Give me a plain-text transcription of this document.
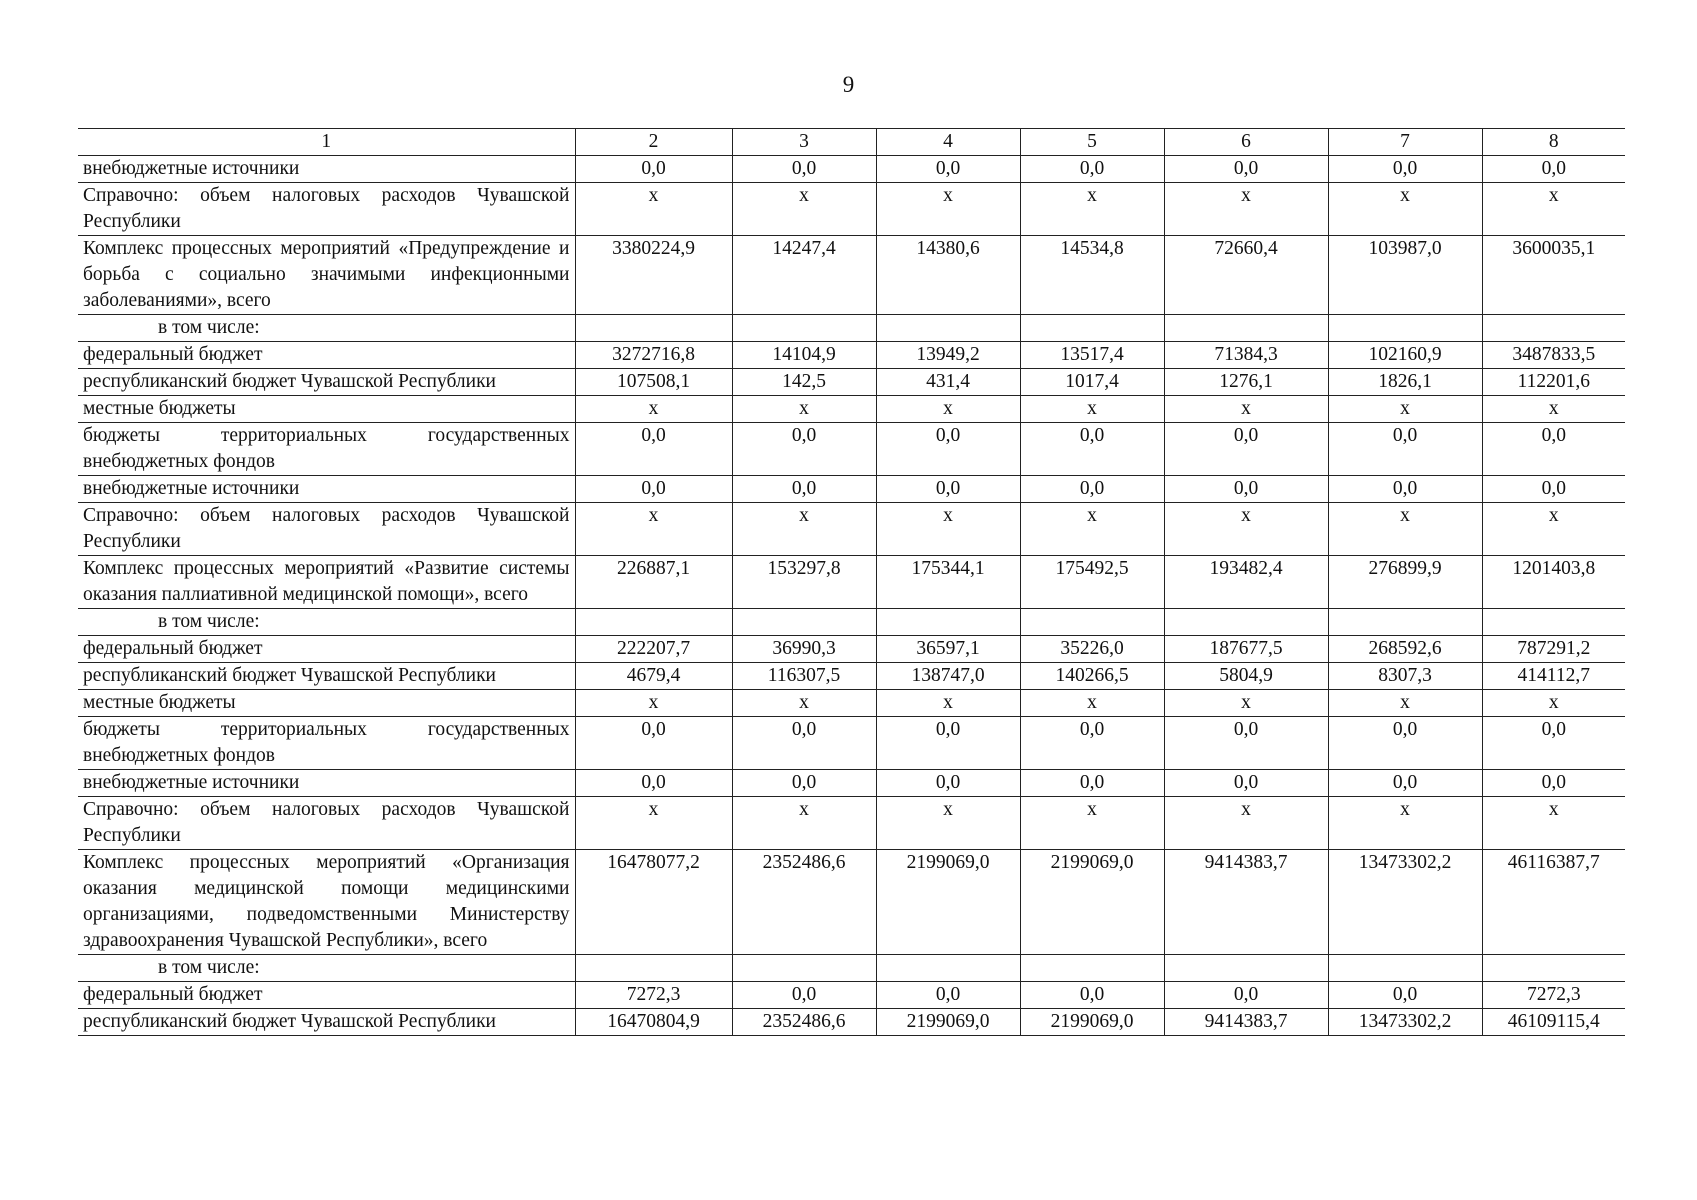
9
1	2	3	4	5	6	7	8
внебюджетные источники	0,0	0,0	0,0	0,0	0,0	0,0	0,0
Справочно: объем налоговых расходов Чувашской Республики	x	x	x	x	x	x	x
Комплекс процессных мероприятий «Предупреждение и борьба с социально значимыми инфекционными заболеваниями», всего	3380224,9	14247,4	14380,6	14534,8	72660,4	103987,0	3600035,1
в том числе:							
федеральный бюджет	3272716,8	14104,9	13949,2	13517,4	71384,3	102160,9	3487833,5
республиканский бюджет Чувашской Республики	107508,1	142,5	431,4	1017,4	1276,1	1826,1	112201,6
местные бюджеты	x	x	x	x	x	x	x
бюджеты территориальных государственных внебюджетных фондов	0,0	0,0	0,0	0,0	0,0	0,0	0,0
внебюджетные источники	0,0	0,0	0,0	0,0	0,0	0,0	0,0
Справочно: объем налоговых расходов Чувашской Республики	x	x	x	x	x	x	x
Комплекс процессных мероприятий «Развитие системы оказания паллиативной медицинской помощи», всего	226887,1	153297,8	175344,1	175492,5	193482,4	276899,9	1201403,8
в том числе:							
федеральный бюджет	222207,7	36990,3	36597,1	35226,0	187677,5	268592,6	787291,2
республиканский бюджет Чувашской Республики	4679,4	116307,5	138747,0	140266,5	5804,9	8307,3	414112,7
местные бюджеты	x	x	x	x	x	x	x
бюджеты территориальных государственных внебюджетных фондов	0,0	0,0	0,0	0,0	0,0	0,0	0,0
внебюджетные источники	0,0	0,0	0,0	0,0	0,0	0,0	0,0
Справочно: объем налоговых расходов Чувашской Республики	x	x	x	x	x	x	x
Комплекс процессных мероприятий «Организация оказания медицинской помощи медицинскими организациями, подведомственными Министерству здравоохранения Чувашской Республики», всего	16478077,2	2352486,6	2199069,0	2199069,0	9414383,7	13473302,2	46116387,7
в том числе:							
федеральный бюджет	7272,3	0,0	0,0	0,0	0,0	0,0	7272,3
республиканский бюджет Чувашской Республики	16470804,9	2352486,6	2199069,0	2199069,0	9414383,7	13473302,2	46109115,4
